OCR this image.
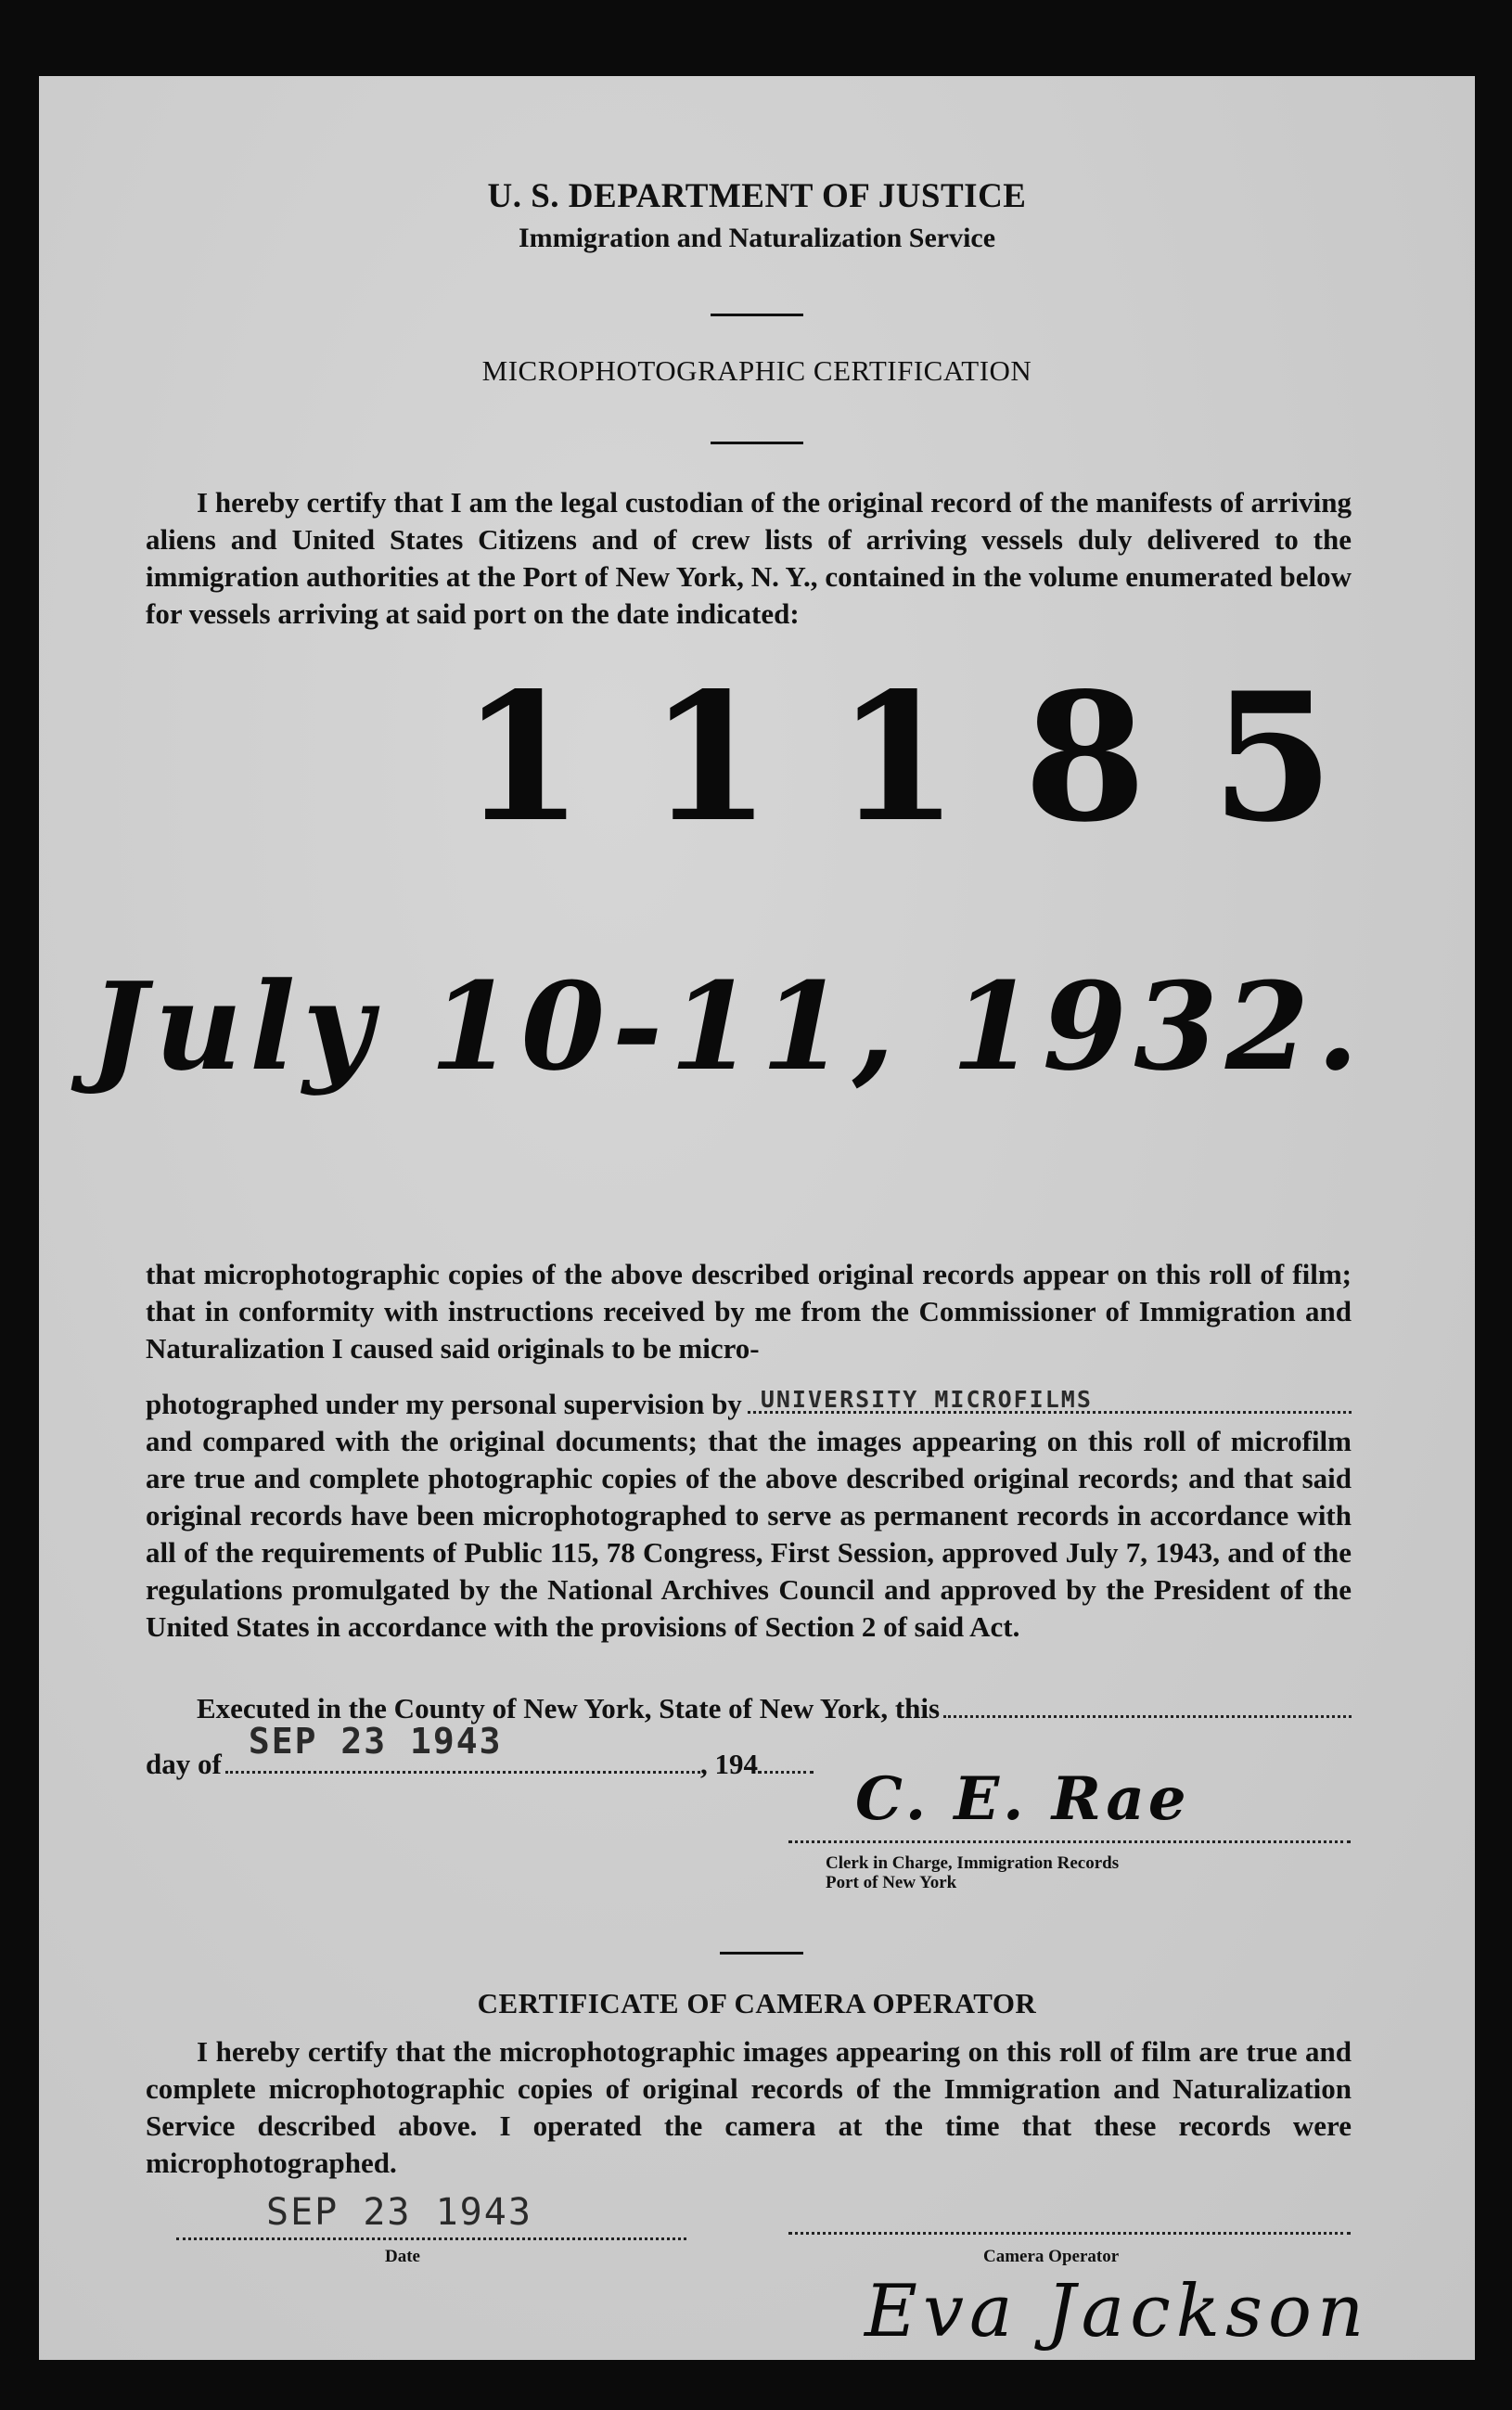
U. S. DEPARTMENT OF JUSTICE
Immigration and Naturalization Service
MICROPHOTOGRAPHIC CERTIFICATION
I hereby certify that I am the legal custodian of the original record of the manifests of arriving aliens and United States Citizens and of crew lists of arriving vessels duly delivered to the immigration authorities at the Port of New York, N. Y., contained in the volume enumerated below for vessels arriving at said port on the date indicated:
11185
July 10-11, 1932.
that microphotographic copies of the above described original records appear on this roll of film; that in conformity with instructions received by me from the Commissioner of Immigration and Naturalization I caused said originals to be micro-
photographed under my personal supervision by UNIVERSITY MICROFILMS
and compared with the original documents; that the images appearing on this roll of microfilm are true and complete photographic copies of the above described original records; and that said original records have been microphotographed to serve as permanent records in accordance with all of the requirements of Public 115, 78 Congress, First Session, approved July 7, 1943, and of the regulations promulgated by the National Archives Council and approved by the President of the United States in accordance with the provisions of Section 2 of said Act.
Executed in the County of New York, State of New York, this
day of
SEP 23 1943
, 194
C. E. Rae
Clerk in Charge, Immigration Records
Port of New York
CERTIFICATE OF CAMERA OPERATOR
I hereby certify that the microphotographic images appearing on this roll of film are true and complete microphotographic copies of original records of the Immigration and Naturalization Service described above. I operated the camera at the time that these records were microphotographed.
SEP 23 1943
Date	Camera Operator
Eva Jackson
